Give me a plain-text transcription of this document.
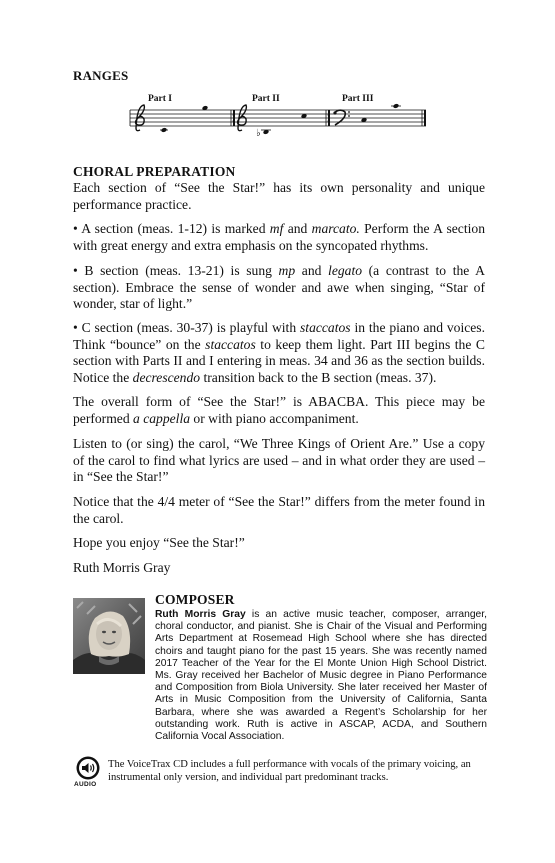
RANGES
Part I	Part II	Part III
♭
CHORAL PREPARATION

Each section of “See the Star!” has its own personality and unique performance practice.

• A section (meas. 1-12) is marked mf and marcato. Perform the A section with great energy and extra emphasis on the syncopated rhythms.

• B section (meas. 13-21) is sung mp and legato (a contrast to the A section). Embrace the sense of wonder and awe when singing, “Star of wonder, star of light.”

• C section (meas. 30-37) is playful with staccatos in the piano and voices. Think “bounce” on the staccatos to keep them light. Part III begins the C section with Parts II and I entering in meas. 34 and 36 as the section builds. Notice the decrescendo transition back to the B section (meas. 37).

The overall form of “See the Star!” is ABACBA. This piece may be performed a cappella or with piano accompaniment.

Listen to (or sing) the carol, “We Three Kings of Orient Are.” Use a copy of the carol to find what lyrics are used – and in what order they are used – in “See the Star!”

Notice that the 4/4 meter of “See the Star!” differs from the meter found in the carol.

Hope you enjoy “See the Star!”

Ruth Morris Gray

COMPOSER
Ruth Morris Gray is an active music teacher, composer, arranger, choral conductor, and pianist. She is Chair of the Visual and Performing Arts Department at Rosemead High School where she has directed choirs and taught piano for the past 15 years. She was recently named 2017 Teacher of the Year for the El Monte Union High School District. Ms. Gray received her Bachelor of Music degree in Piano Performance and Composition from Biola University. She later received her Master of Arts in Music Composition from the University of California, Santa Barbara, where she was awarded a Regent’s Scholarship for her outstanding work. Ruth is active in ASCAP, ACDA, and Southern California Vocal Association.
AUDIO
The VoiceTrax CD includes a full performance with vocals of the primary voicing, an instrumental only version, and individual part predominant tracks.
